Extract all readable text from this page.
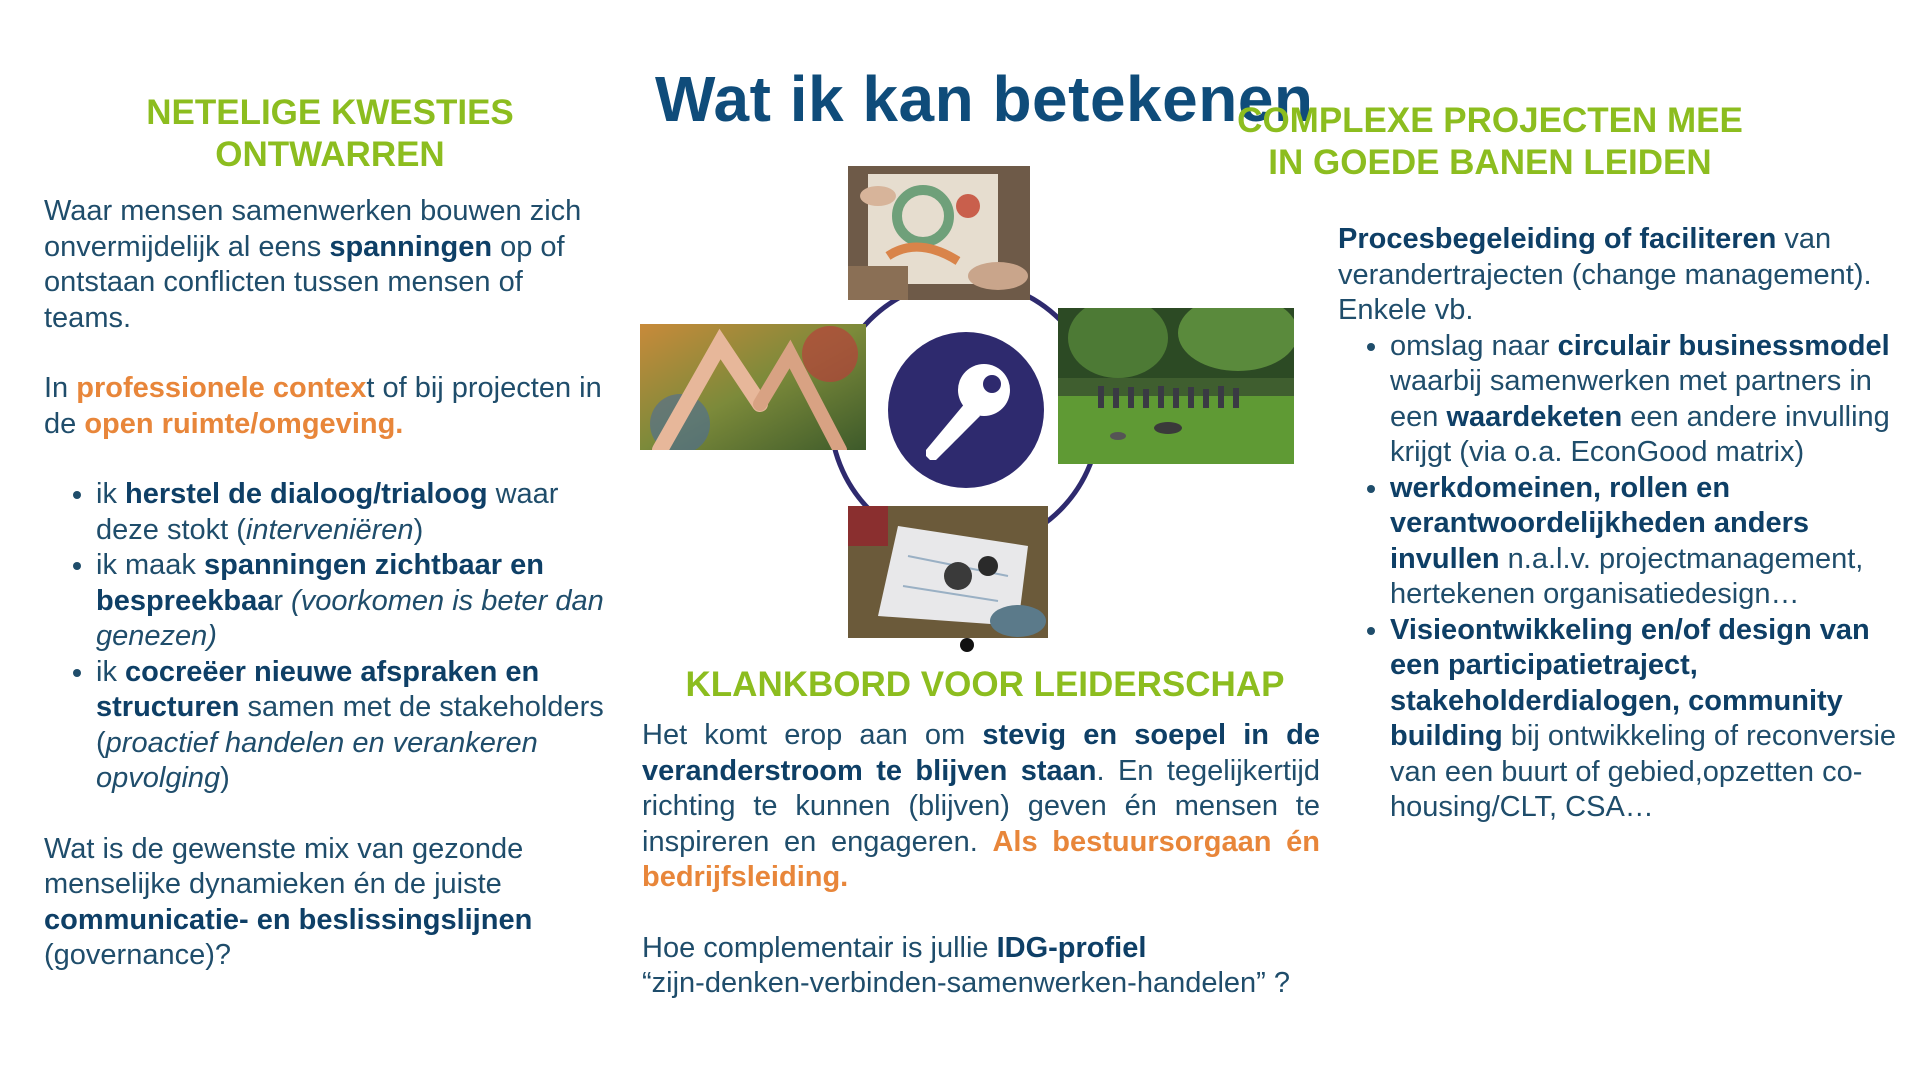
Wat ik kan betekenen
NETELIGE KWESTIES
ONTWARREN

Waar mensen samenwerken bouwen zich onvermijdelijk al eens spanningen op of ontstaan conflicten tussen mensen of teams.

In professionele context of bij projecten in de open ruimte/omgeving.

• ik herstel de dialoog/trialoog waar deze stokt (interveniëren)
• ik maak spanningen zichtbaar en bespreekbaar (voorkomen is beter dan genezen)
• ik cocreëer nieuwe afspraken en structuren samen met de stakeholders (proactief handelen en verankeren opvolging)

Wat is de gewenste mix van gezonde menselijke dynamieken én de juiste communicatie- en beslissingslijnen (governance)?

KLANKBORD VOOR LEIDERSCHAP

Het komt erop aan om stevig en soepel in de veranderstroom te blijven staan. En tegelijkertijd richting te kunnen (blijven) geven én mensen te inspireren en engageren. Als bestuursorgaan én bedrijfsleiding.

Hoe complementair is jullie IDG-profiel
“zijn-denken-verbinden-samenwerken-handelen” ?

COMPLEXE PROJECTEN MEE
IN GOEDE BANEN LEIDEN

Procesbegeleiding of faciliteren van verandertrajecten (change management). Enkele vb.

• omslag naar circulair businessmodel waarbij samenwerken met partners in een waardeketen een andere invulling krijgt (via o.a. EconGood matrix)
• werkdomeinen, rollen en verantwoordelijkheden anders invullen n.a.l.v. projectmanagement, hertekenen organisatiedesign…
• Visieontwikkeling en/of design van een participatietraject, stakeholderdialogen, community building bij ontwikkeling of reconversie van een buurt of gebied,opzetten co-housing/CLT, CSA…
